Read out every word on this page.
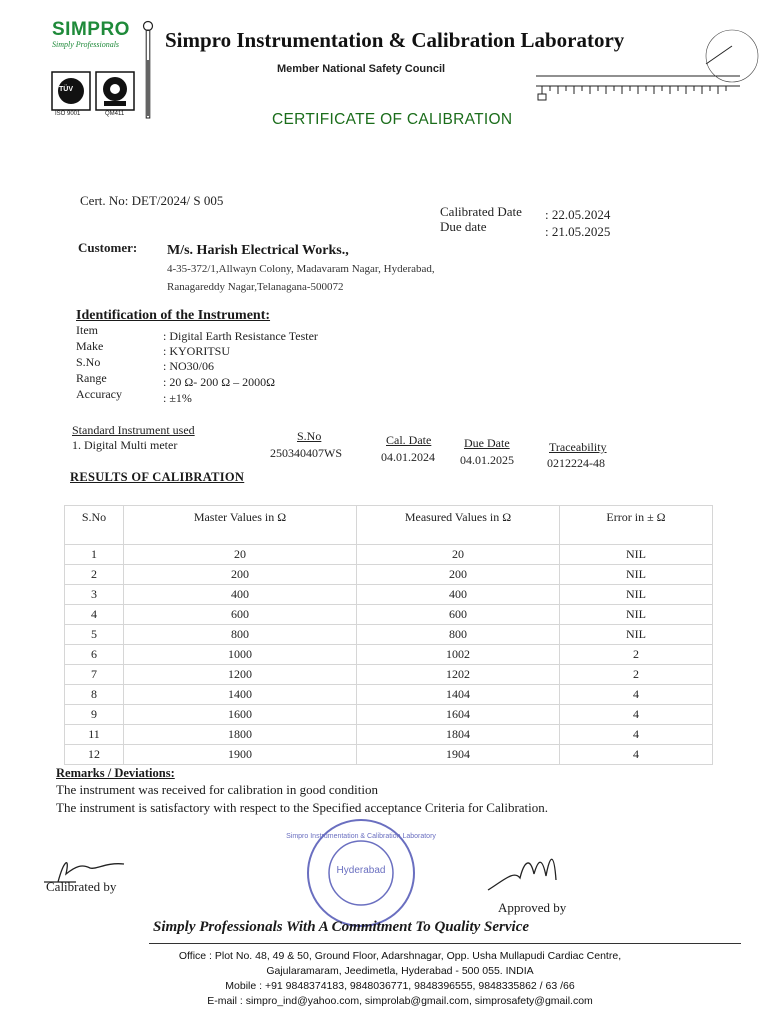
SIMPRO
Simply Professionals	Simpro Instrumentation & Calibration Laboratory
Member National Safety Council
TÜV
ISO 9001	QM411	CERTIFICATE OF CALIBRATION
Cert. No: DET/2024/ S 005
Calibrated Date : 22.05.2024
Due date	: 21.05.2025
Customer: M/s. Harish Electrical Works.,
4-35-372/1,Allwayn Colony, Madavaram Nagar, Hyderabad,
Ranagareddy Nagar,Telanagana-500072
Identification of the Instrument:
Item	: Digital Earth Resistance Tester
Make	: KYORITSU
S.No	: NO30/06
Range	: 20 Ω- 200 Ω – 2000Ω
Accuracy	: ±1%
Standard Instrument used
1. Digital Multi meter
S.No
250340407WS
Cal. Date
04.01.2024
Due Date
04.01.2025
Traceability
0212224-48
RESULTS OF CALIBRATION
S.No	Master Values in Ω	Measured Values in Ω	Error in ± Ω
1	20	20	NIL
2	200	200	NIL
3	400	400	NIL
4	600	600	NIL
5	800	800	NIL
6	1000	1002	2
7	1200	1202	2
8	1400	1404	4
9	1600	1604	4
11	1800	1804	4
12	1900	1904	4
Remarks / Deviations:
The instrument was received for calibration in good condition
The instrument is satisfactory with respect to the Specified acceptance Criteria for Calibration.
Calibrated by
Simpro Instrumentation & Calibration Laboratory
Hyderabad
Approved by
Simply Professionals With A Commitment To Quality Service
Office : Plot No. 48, 49 & 50, Ground Floor, Adarshnagar, Opp. Usha Mullapudi Cardiac Centre,
Gajularamaram, Jeedimetla, Hyderabad - 500 055. INDIA
Mobile : +91 9848374183, 9848036771, 9848396555, 9848335862 / 63 /66
E-mail : simpro_ind@yahoo.com, simprolab@gmail.com, simprosafety@gmail.com
